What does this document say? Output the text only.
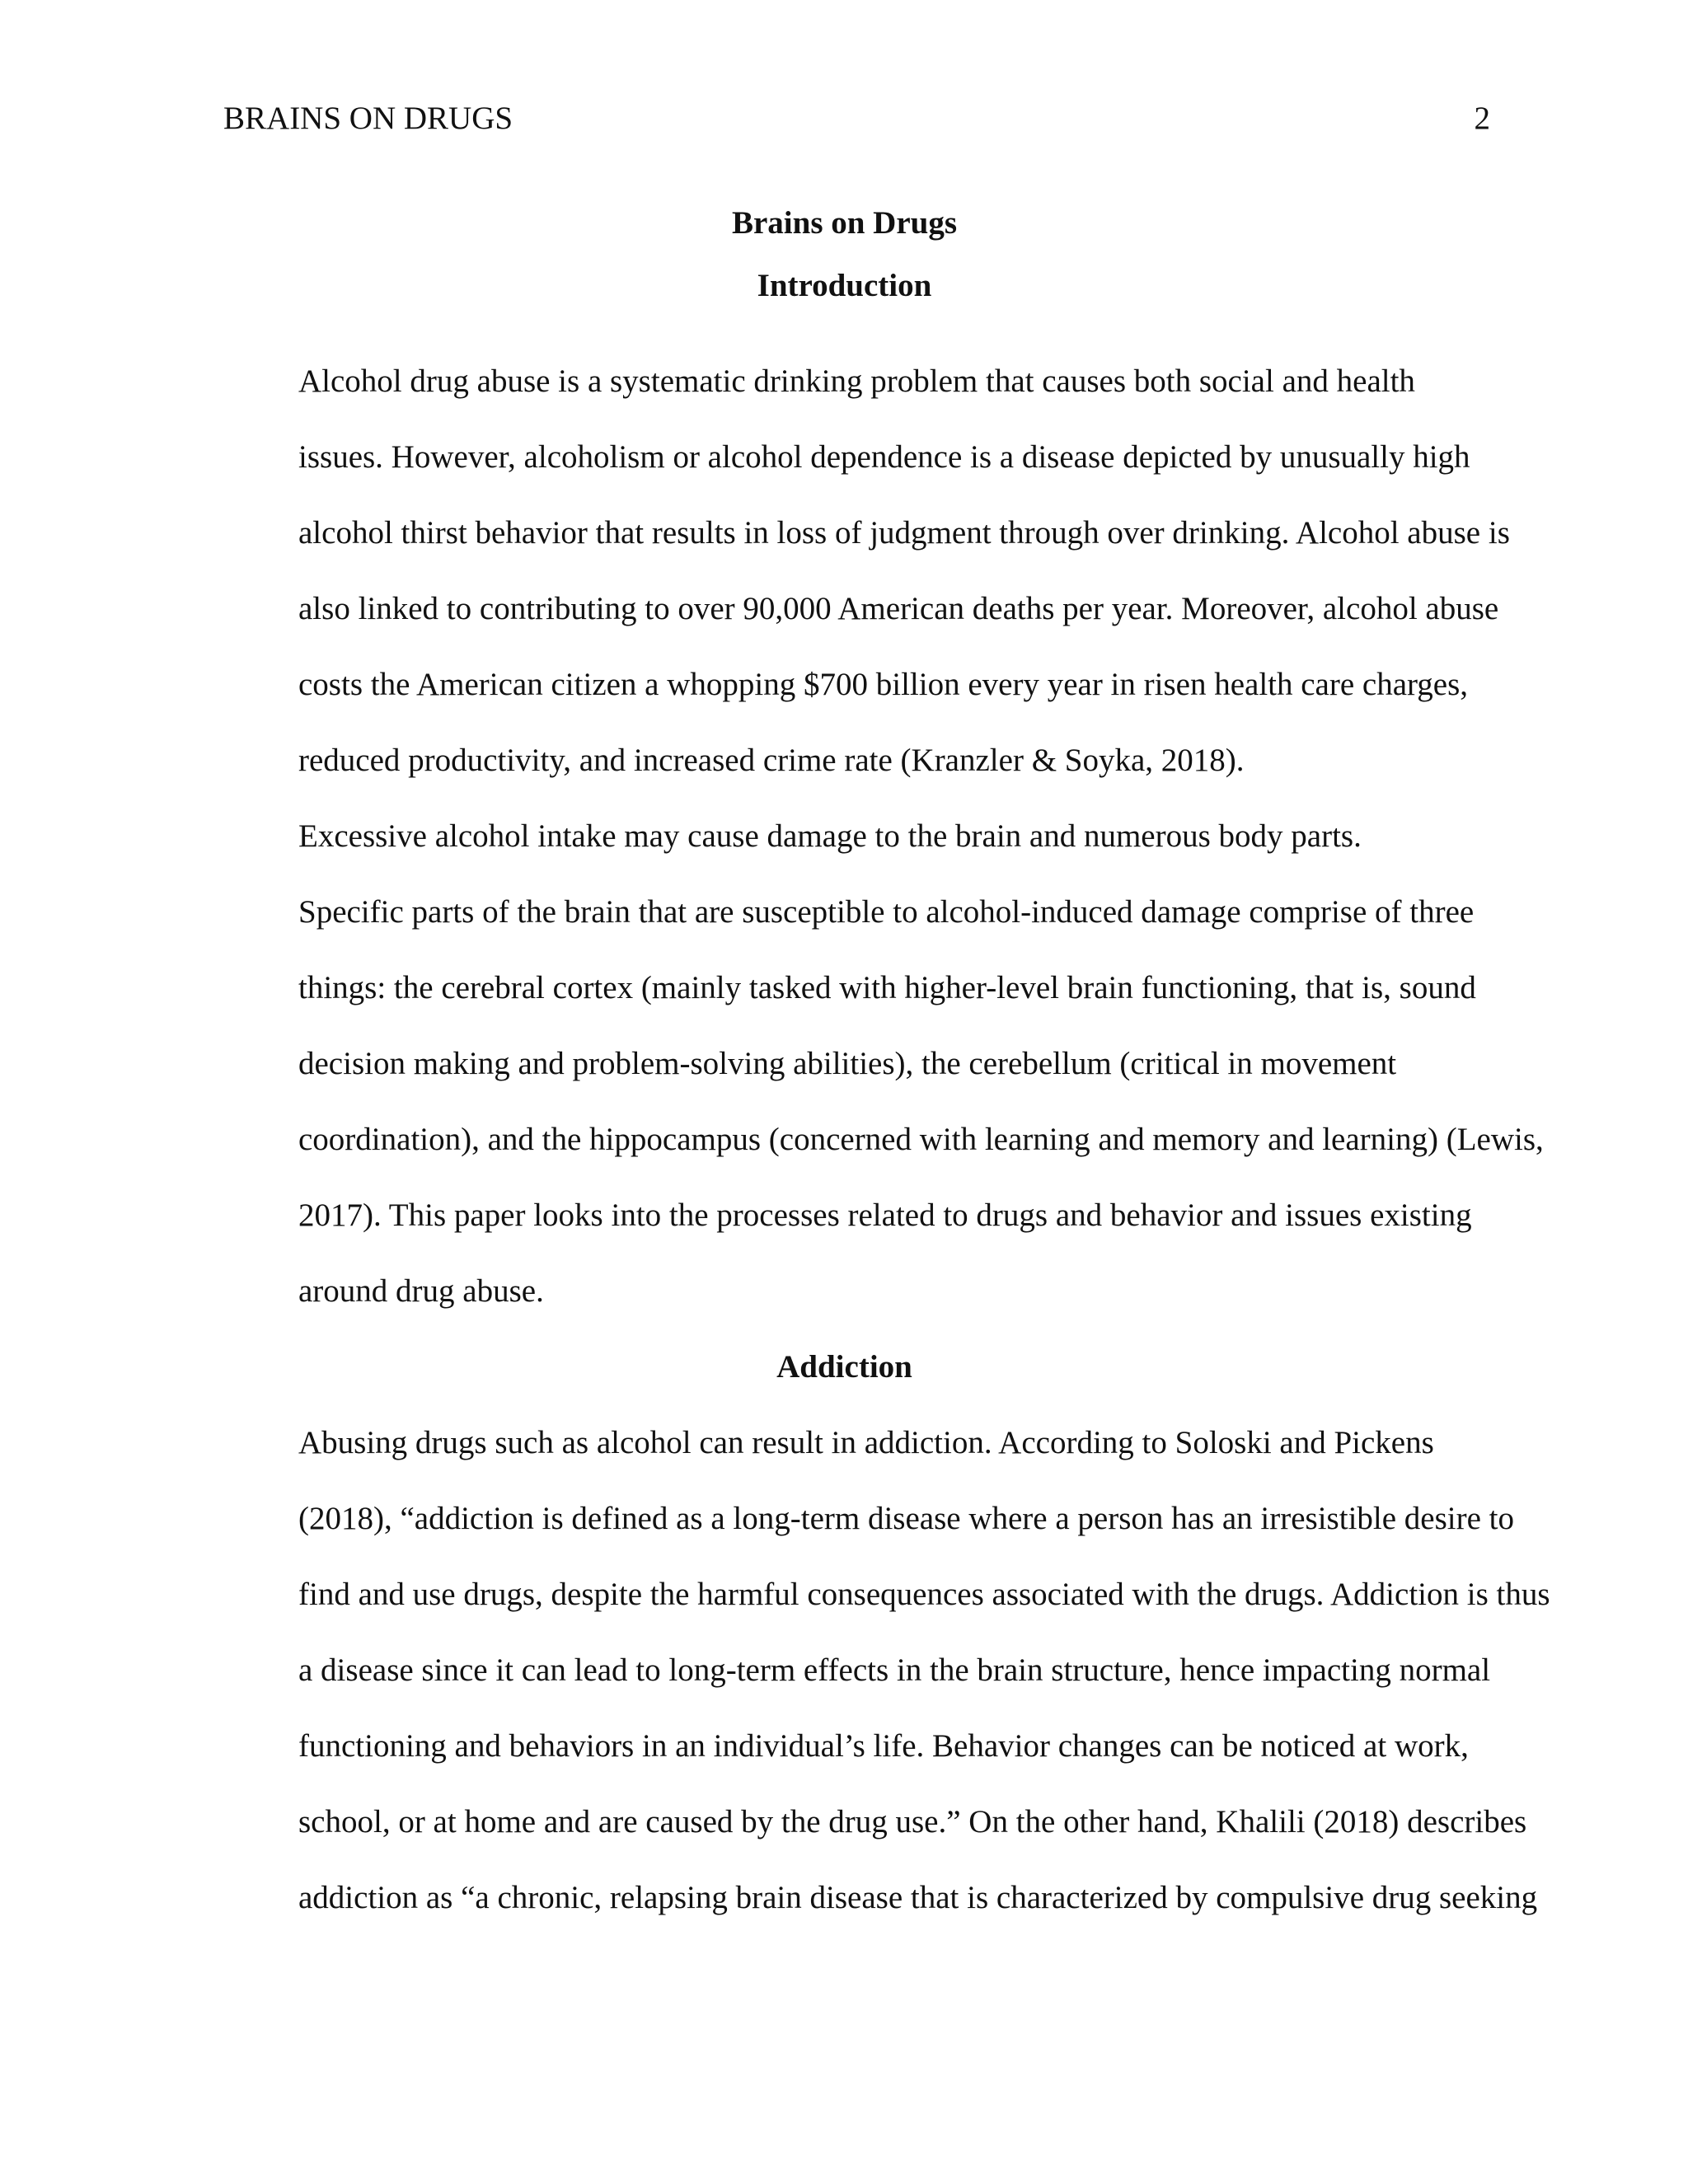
BRAINS ON DRUGS	2
Brains on Drugs
Introduction

Alcohol drug abuse is a systematic drinking problem that causes both social and health
issues. However, alcoholism or alcohol dependence is a disease depicted by unusually high
alcohol thirst behavior that results in loss of judgment through over drinking. Alcohol abuse is
also linked to contributing to over 90,000 American deaths per year. Moreover, alcohol abuse
costs the American citizen a whopping $700 billion every year in risen health care charges,
reduced productivity, and increased crime rate (Kranzler & Soyka, 2018).

Excessive alcohol intake may cause damage to the brain and numerous body parts.
Specific parts of the brain that are susceptible to alcohol-induced damage comprise of three
things: the cerebral cortex (mainly tasked with higher-level brain functioning, that is, sound
decision making and problem-solving abilities), the cerebellum (critical in movement
coordination), and the hippocampus (concerned with learning and memory and learning) (Lewis,
2017). This paper looks into the processes related to drugs and behavior and issues existing
around drug abuse.

Addiction

Abusing drugs such as alcohol can result in addiction. According to Soloski and Pickens
(2018), “addiction is defined as a long-term disease where a person has an irresistible desire to
find and use drugs, despite the harmful consequences associated with the drugs. Addiction is thus
a disease since it can lead to long-term effects in the brain structure, hence impacting normal
functioning and behaviors in an individual’s life. Behavior changes can be noticed at work,
school, or at home and are caused by the drug use.” On the other hand, Khalili (2018) describes
addiction as “a chronic, relapsing brain disease that is characterized by compulsive drug seeking
